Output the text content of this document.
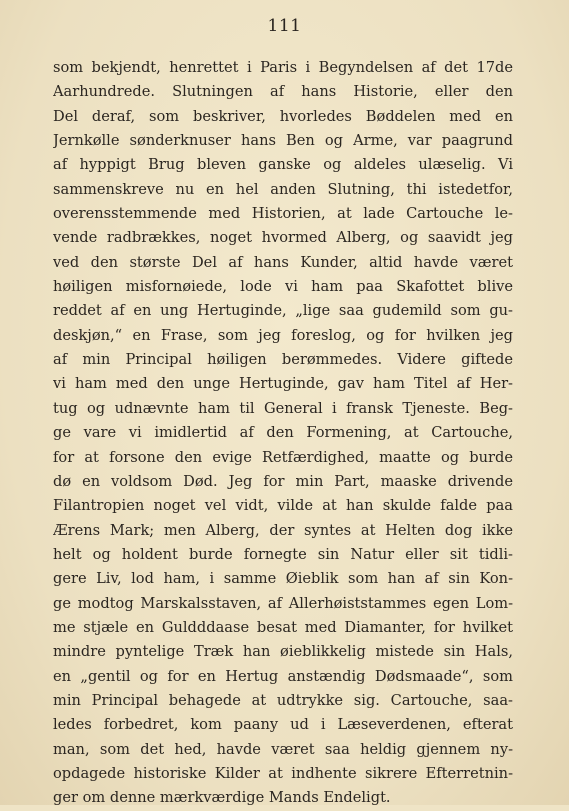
111
som bekjendt, henrettet i Paris i Begyndelsen af det 17de
Aarhundrede. Slutningen af hans Historie, eller den
Del deraf, som beskriver, hvorledes Bøddelen med en
Jernkølle sønderknuser hans Ben og Arme, var paagrund
af hyppigt Brug bleven ganske og aldeles ulæselig. Vi
sammenskreve nu en hel anden Slutning, thi istedetfor,
overensstemmende med Historien, at lade Cartouche le-
vende radbrækkes, noget hvormed Alberg, og saavidt jeg
ved den største Del af hans Kunder, altid havde været
høiligen misfornøiede, lode vi ham paa Skafottet blive
reddet af en ung Hertuginde, „lige saa gudemild som gu-
deskjøn,“ en Frase, som jeg foreslog, og for hvilken jeg
af min Principal høiligen berømmedes. Videre giftede
vi ham med den unge Hertuginde, gav ham Titel af Her-
tug og udnævnte ham til General i fransk Tjeneste. Beg-
ge vare vi imidlertid af den Formening, at Cartouche,
for at forsone den evige Retfærdighed, maatte og burde
dø en voldsom Død. Jeg for min Part, maaske drivende
Filantropien noget vel vidt, vilde at han skulde falde paa
Ærens Mark; men Alberg, der syntes at Helten dog ikke
helt og holdent burde fornegte sin Natur eller sit tidli-
gere Liv, lod ham, i samme Øieblik som han af sin Kon-
ge modtog Marskalsstaven, af Allerhøiststammes egen Lom-
me stjæle en Guldddaase besat med Diamanter, for hvilket
mindre pyntelige Træk han øieblikkelig mistede sin Hals,
en „gentil og for en Hertug anstændig Dødsmaade“, som
min Principal behagede at udtrykke sig. Cartouche, saa-
ledes forbedret, kom paany ud i Læseverdenen, efterat
man, som det hed, havde været saa heldig gjennem ny-
opdagede historiske Kilder at indhente sikrere Efterretnin-
ger om denne mærkværdige Mands Endeligt.
